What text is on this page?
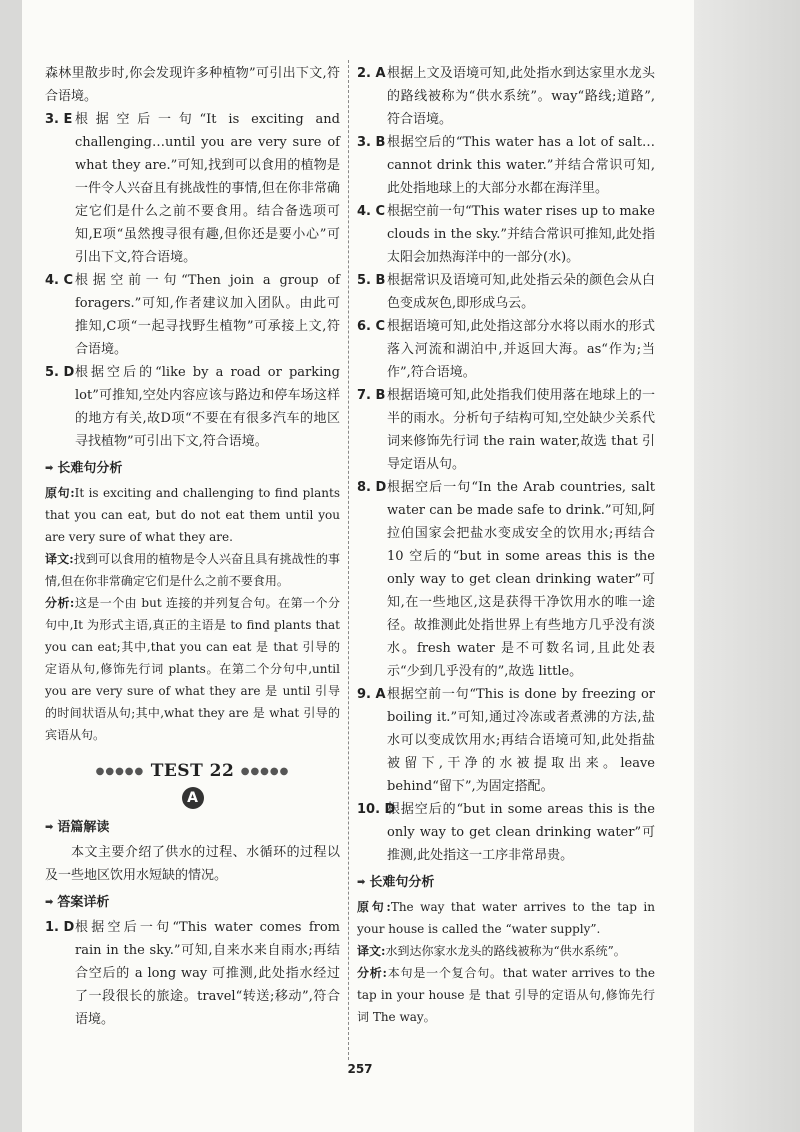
森林里散步时,你会发现许多种植物”可引出下文,符合语境。

3. E 根据空后一句“It is exciting and challenging…until you are very sure of what they are.”可知,找到可以食用的植物是一件令人兴奋且有挑战性的事情,但在你非常确定它们是什么之前不要食用。结合备选项可知,E项“虽然搜寻很有趣,但你还是要小心”可引出下文,符合语境。
4. C 根据空前一句“Then join a group of foragers.”可知,作者建议加入团队。由此可推知,C项“一起寻找野生植物”可承接上文,符合语境。
5. D 根据空后的“like by a road or parking lot”可推知,空处内容应该与路边和停车场这样的地方有关,故D项“不要在有很多汽车的地区寻找植物”可引出下文,符合语境。
➡ 长难句分析

原句:It is exciting and challenging to find plants that you can eat, but do not eat them until you are very sure of what they are.

译文:找到可以食用的植物是令人兴奋且具有挑战性的事情,但在你非常确定它们是什么之前不要食用。

分析:这是一个由 but 连接的并列复合句。在第一个分句中,It 为形式主语,真正的主语是 to find plants that you can eat;其中,that you can eat 是 that 引导的定语从句,修饰先行词 plants。在第二个分句中,until you are very sure of what they are 是 until 引导的时间状语从句;其中,what they are 是 what 引导的宾语从句。

●●●●● TEST 22 ●●●●●
A
➡ 语篇解读

本文主要介绍了供水的过程、水循环的过程以及一些地区饮用水短缺的情况。

➡ 答案详析
1. D 根据空后一句“This water comes from rain in the sky.”可知,自来水来自雨水;再结合空后的 a long way 可推测,此处指水经过了一段很长的旅途。travel“转送;移动”,符合语境。
2. A 根据上文及语境可知,此处指水到达家里水龙头的路线被称为“供水系统”。way“路线;道路”,符合语境。
3. B 根据空后的“This water has a lot of salt…cannot drink this water.”并结合常识可知,此处指地球上的大部分水都在海洋里。
4. C 根据空前一句“This water rises up to make clouds in the sky.”并结合常识可推知,此处指太阳会加热海洋中的一部分(水)。
5. B 根据常识及语境可知,此处指云朵的颜色会从白色变成灰色,即形成乌云。
6. C 根据语境可知,此处指这部分水将以雨水的形式落入河流和湖泊中,并返回大海。as“作为;当作”,符合语境。
7. B 根据语境可知,此处指我们使用落在地球上的一半的雨水。分析句子结构可知,空处缺少关系代词来修饰先行词 the rain water,故选 that 引导定语从句。
8. D 根据空后一句“In the Arab countries, salt water can be made safe to drink.”可知,阿拉伯国家会把盐水变成安全的饮用水;再结合 10 空后的“but in some areas this is the only way to get clean drinking water”可知,在一些地区,这是获得干净饮用水的唯一途径。故推测此处指世界上有些地方几乎没有淡水。fresh water 是不可数名词,且此处表示“少到几乎没有的”,故选 little。
9. A 根据空前一句“This is done by freezing or boiling it.”可知,通过冷冻或者煮沸的方法,盐水可以变成饮用水;再结合语境可知,此处指盐被留下,干净的水被提取出来。leave behind“留下”,为固定搭配。
10. D
根据空后的“but in some areas this is the only way to get clean drinking water”可推测,此处指这一工序非常昂贵。
➡ 长难句分析

原句:The way that water arrives to the tap in your house is called the “water supply”.

译文:水到达你家水龙头的路线被称为“供水系统”。

分析:本句是一个复合句。that water arrives to the tap in your house 是 that 引导的定语从句,修饰先行词 The way。

257
